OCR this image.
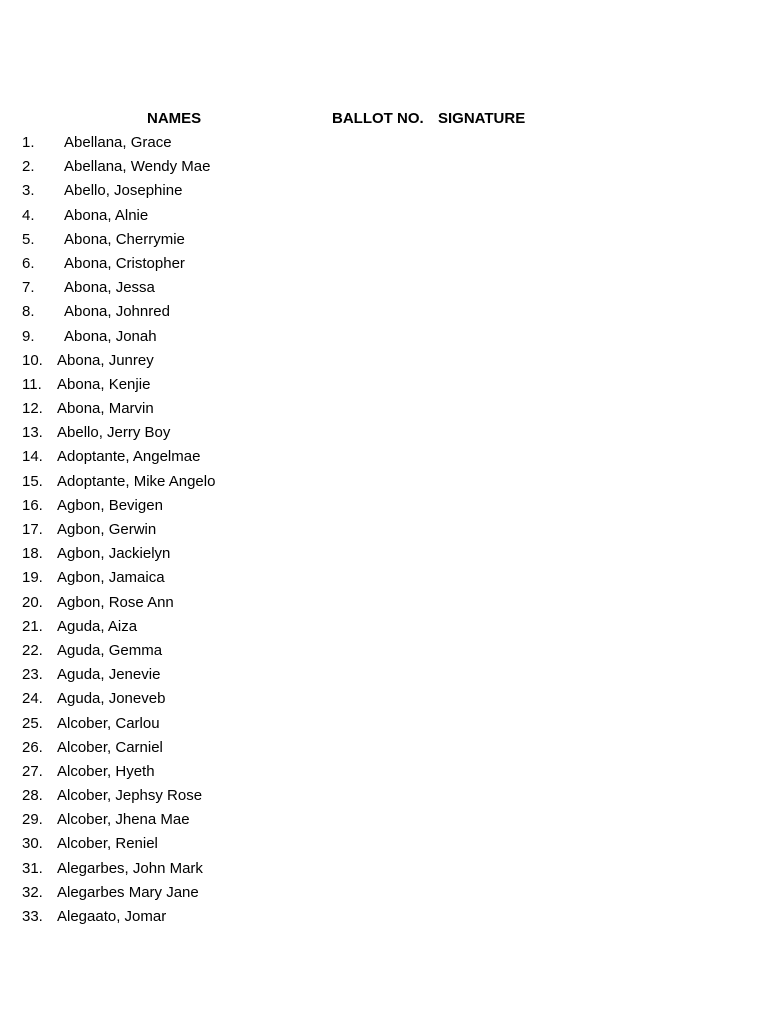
NAMES	BALLOT NO. SIGNATURE
1. Abellana, Grace
2. Abellana, Wendy Mae
3. Abello, Josephine
4. Abona, Alnie
5. Abona, Cherrymie
6. Abona, Cristopher
7. Abona, Jessa
8. Abona, Johnred
9. Abona, Jonah
10. Abona, Junrey
11. Abona, Kenjie
12. Abona, Marvin
13. Abello, Jerry Boy
14. Adoptante, Angelmae
15. Adoptante, Mike Angelo
16. Agbon, Bevigen
17. Agbon, Gerwin
18. Agbon, Jackielyn
19. Agbon, Jamaica
20. Agbon, Rose Ann
21. Aguda, Aiza
22. Aguda, Gemma
23. Aguda, Jenevie
24. Aguda, Joneveb
25. Alcober, Carlou
26. Alcober, Carniel
27. Alcober, Hyeth
28. Alcober, Jephsy Rose
29. Alcober, Jhena Mae
30. Alcober, Reniel
31. Alegarbes, John Mark
32. Alegarbes Mary Jane
33. Alegaato, Jomar
